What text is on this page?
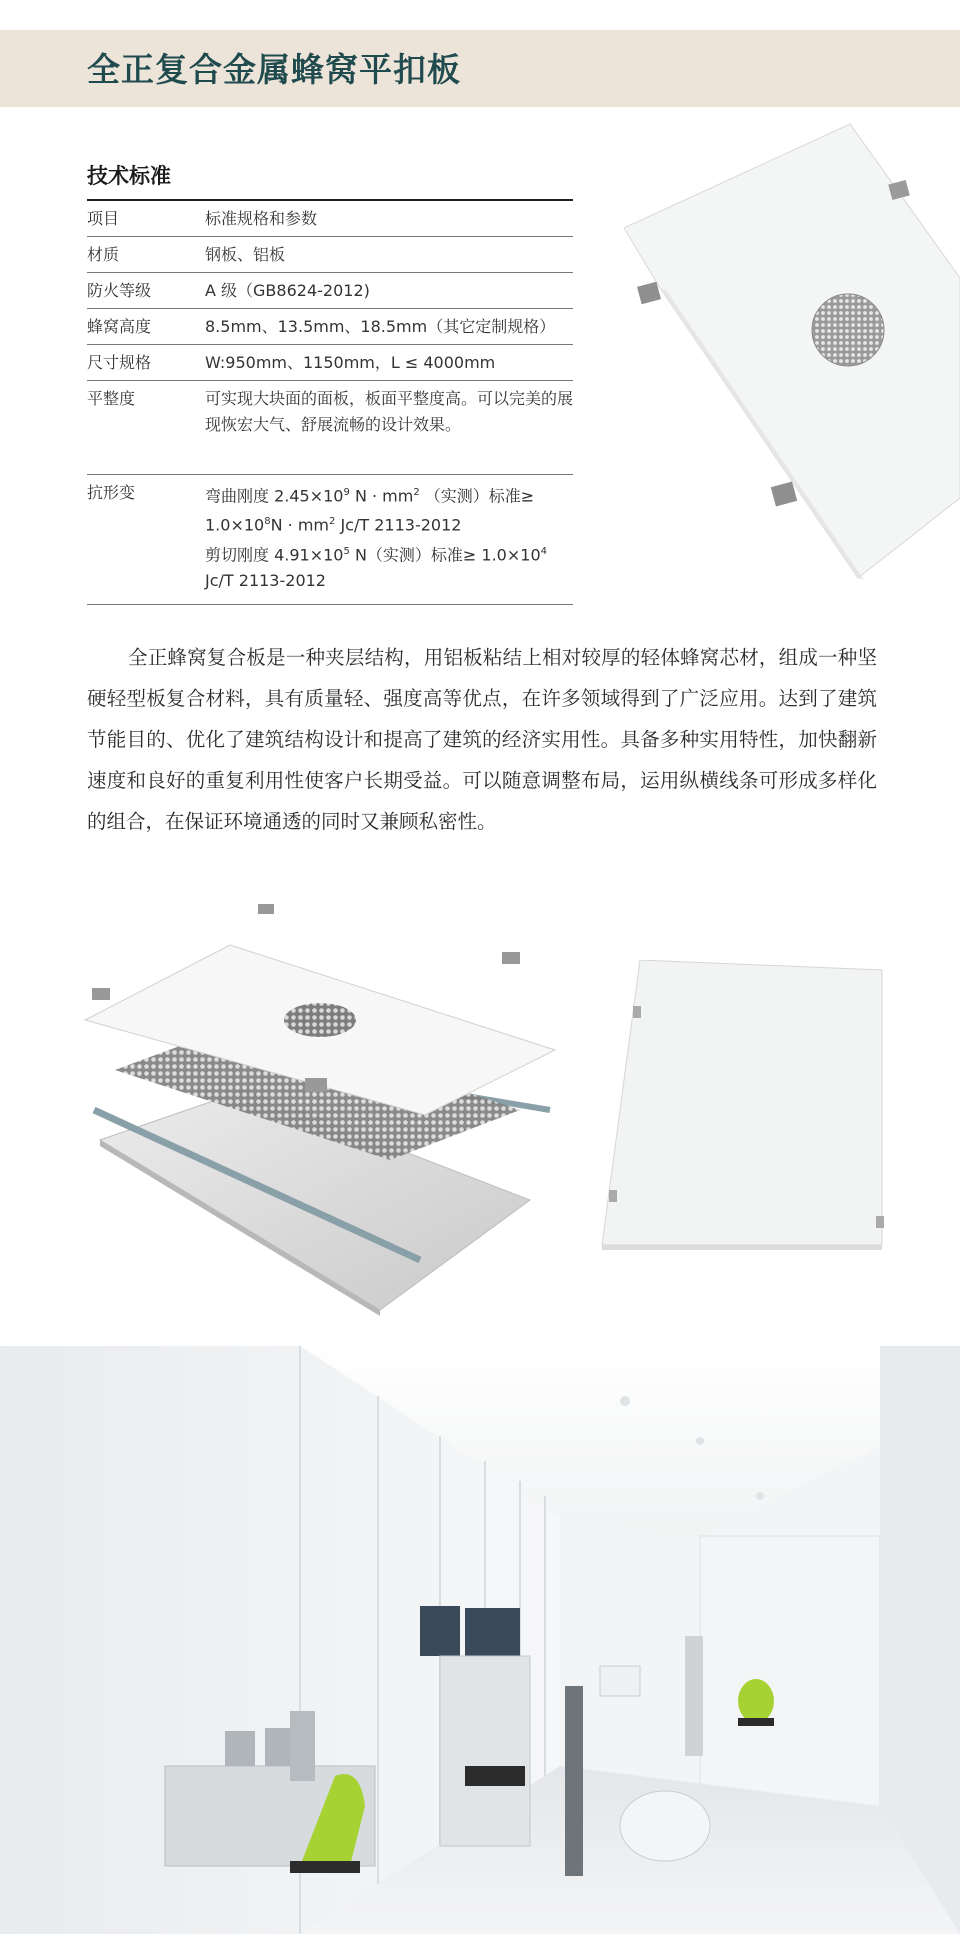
全正复合金属蜂窝平扣板
技术标准
项目	标准规格和参数
材质	钢板、铝板
防火等级	A 级（GB8624-2012)
蜂窝高度	8.5mm、13.5mm、18.5mm（其它定制规格）
尺寸规格	W:950mm、1150mm，L ≤ 4000mm
平整度	可实现大块面的面板，板面平整度高。可以完美的展现恢宏大气、舒展流畅的设计效果。
抗形变	弯曲刚度 $2.45\times 10^9$ $N \cdot mm^2$ （实测）标准≥
$1.0\times 10^8N \cdot mm^2$ Jc/T 2113-2012
剪切刚度 $4.91\times 10^5$ N（实测）标准≥ $1.0\times 10^4$
Jc/T 2113-2012

全正蜂窝复合板是一种夹层结构，用铝板粘结上相对较厚的轻体蜂窝芯材，组成一种坚硬轻型板复合材料，具有质量轻、强度高等优点，在许多领域得到了广泛应用。达到了建筑节能目的、优化了建筑结构设计和提高了建筑的经济实用性。具备多种实用特性，加快翻新速度和良好的重复利用性使客户长期受益。可以随意调整布局，运用纵横线条可形成多样化的组合，在保证环境通透的同时又兼顾私密性。
